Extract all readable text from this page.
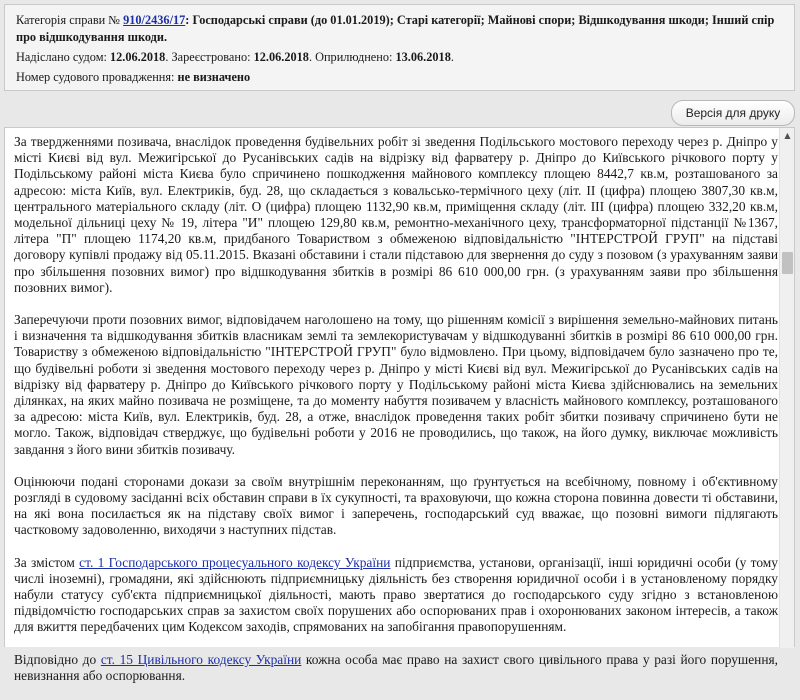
Категорія справи № 910/2436/17: Господарські справи (до 01.01.2019); Старі категорії; Майнові спори; Відшкодування шкоди; Інший спір про відшкодування шкоди.
Надіслано судом: 12.06.2018. Зареєстровано: 12.06.2018. Оприлюднено: 13.06.2018.
Номер судового провадження: не визначено
Версія для друку

За твердженнями позивача, внаслідок проведення будівельних робіт зі зведення Подільського мостового переходу через р. Дніпро у місті Києві від вул. Межигірської до Русанівських садів на відрізку від фарватеру р. Дніпро до Київського річкового порту у Подільському районі міста Києва було спричинено пошкодження майнового комплексу площею 8442,7 кв.м, розташованого за адресою: міста Київ, вул. Електриків, буд. 28, що складається з ковальсько-термічного цеху (літ. ІІ (цифра) площею 3807,30 кв.м, центрального матеріального складу (літ. О (цифра) площею 1132,90 кв.м, приміщення складу (літ. ІІІ (цифра) площею 332,20 кв.м, модельної дільниці цеху № 19, літера "И" площею 129,80 кв.м, ремонтно-механічного цеху, трансформаторної підстанції №1367, літера "П" площею 1174,20 кв.м, придбаного Товариством з обмеженою відповідальністю "ІНТЕРСТРОЙ ГРУП" на підставі договору купівлі продажу від 05.11.2015. Вказані обставини і стали підставою для звернення до суду з позовом (з урахуванням заяви про збільшення позовних вимог) про відшкодування збитків в розмірі 86 610 000,00 грн. (з урахуванням заяви про збільшення позовних вимог).

Заперечуючи проти позовних вимог, відповідачем наголошено на тому, що рішенням комісії з вирішення земельно-майнових питань і визначення та відшкодування збитків власникам землі та землекористувачам у відшкодуванні збитків в розмірі 86 610 000,00 грн. Товариству з обмеженою відповідальністю "ІНТЕРСТРОЙ ГРУП" було відмовлено. При цьому, відповідачем було зазначено про те, що будівельні роботи зі зведення мостового переходу через р. Дніпро у місті Києві від вул. Межигірської до Русанівських садів на відрізку від фарватеру р. Дніпро до Київського річкового порту у Подільському районі міста Києва здійснювались на земельних ділянках, на яких майно позивача не розміщене, та до моменту набуття позивачем у власність майнового комплексу, розташованого за адресою: міста Київ, вул. Електриків, буд. 28, а отже, внаслідок проведення таких робіт збитки позивачу спричинено бути не могло. Також, відповідач стверджує, що будівельні роботи у 2016 не проводились, що також, на його думку, виключає можливість завдання з його вини збитків позивачу.

Оцінюючи подані сторонами докази за своїм внутрішнім переконанням, що ґрунтується на всебічному, повному і об'єктивному розгляді в судовому засіданні всіх обставин справи в їх сукупності, та враховуючи, що кожна сторона повинна довести ті обставини, на які вона посилається як на підставу своїх вимог і заперечень, господарський суд вважає, що позовні вимоги підлягають частковому задоволенню, виходячи з наступних підстав.

За змістом ст. 1 Господарського процесуального кодексу України підприємства, установи, організації, інші юридичні особи (у тому числі іноземні), громадяни, які здійснюють підприємницьку діяльність без створення юридичної особи і в установленому порядку набули статусу суб'єкта підприємницької діяльності, мають право звертатися до господарського суду згідно з встановленою підвідомчістю господарських справ за захистом своїх порушених або оспорюваних прав і охоронюваних законом інтересів, а також для вжиття передбачених цим Кодексом заходів, спрямованих на запобігання правопорушенням.

Відповідно до ст. 15 Цивільного кодексу України кожна особа має право на захист свого цивільного права у разі його порушення, невизнання або оспорювання.

▲
